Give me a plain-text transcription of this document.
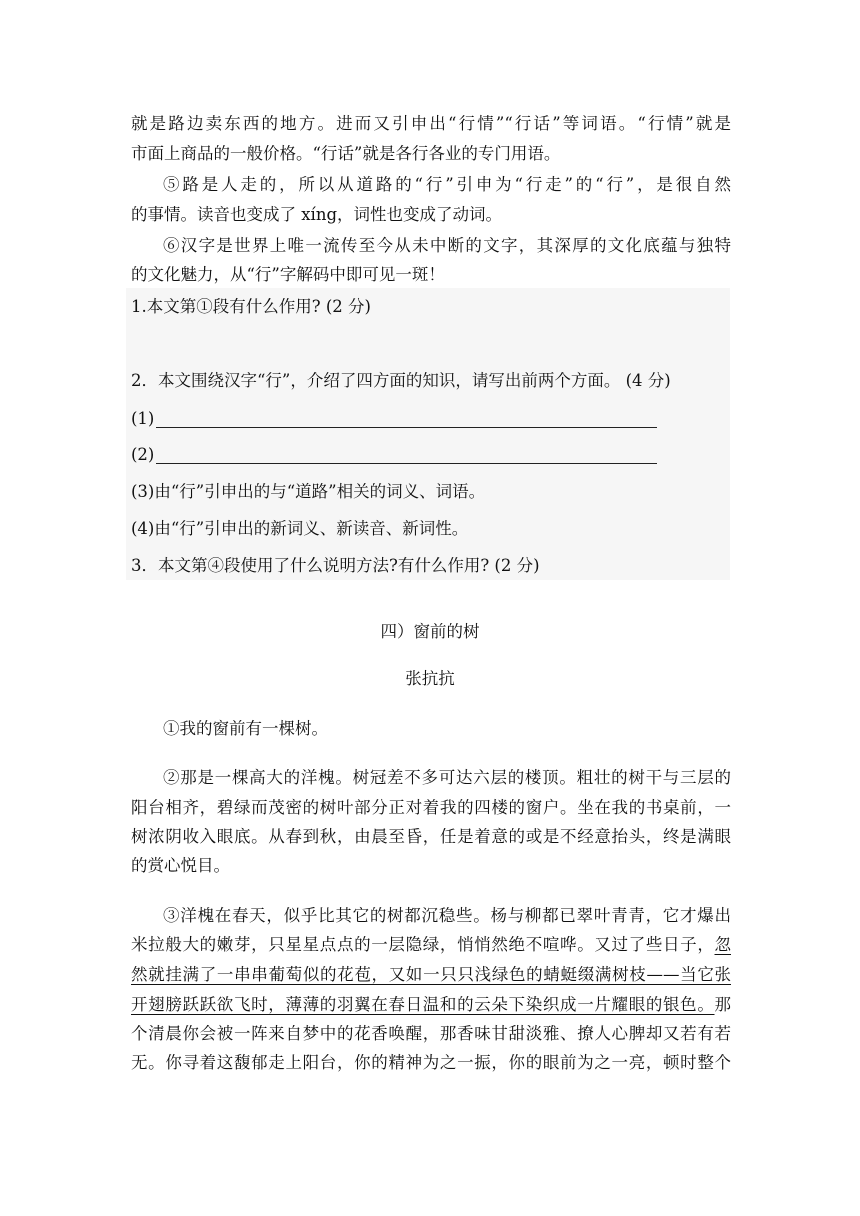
就是路边卖东西的地方。进而又引申出“行情”“行话”等词语。“行情”就是
市面上商品的一般价格。“行话”就是各行各业的专门用语。
⑤路是人走的，所以从道路的“行”引申为“行走”的“行”，是很自然
的事情。读音也变成了 xíng，词性也变成了动词。
⑥汉字是世界上唯一流传至今从未中断的文字，其深厚的文化底蕴与独特
的文化魅力，从“行”字解码中即可见一斑！
1.本文第①段有什么作用? (2 分)
2．本文围绕汉字“行”，介绍了四方面的知识，请写出前两个方面。 (4 分)
(1)
(2)
(3)由“行”引申出的与“道路”相关的词义、词语。
(4)由“行”引申出的新词义、新读音、新词性。
3．本文第④段使用了什么说明方法?有什么作用? (2 分)
四）窗前的树
张抗抗
①我的窗前有一棵树。
②那是一棵高大的洋槐。树冠差不多可达六层的楼顶。粗壮的树干与三层的
阳台相齐，碧绿而茂密的树叶部分正对着我的四楼的窗户。坐在我的书桌前，一
树浓阴收入眼底。从春到秋，由晨至昏，任是着意的或是不经意抬头，终是满眼
的赏心悦目。
③洋槐在春天，似乎比其它的树都沉稳些。杨与柳都已翠叶青青，它才爆出
米拉般大的嫩芽，只星星点点的一层隐绿，悄悄然绝不喧哗。又过了些日子，忽
然就挂满了一串串葡萄似的花苞，又如一只只浅绿色的蜻蜓缀满树枝——当它张
开翅膀跃跃欲飞时，薄薄的羽翼在春日温和的云朵下染织成一片耀眼的银色。那
个清晨你会被一阵来自梦中的花香唤醒，那香味甘甜淡雅、撩人心脾却又若有若
无。你寻着这馥郁走上阳台，你的精神为之一振，你的眼前为之一亮，顿时整个
